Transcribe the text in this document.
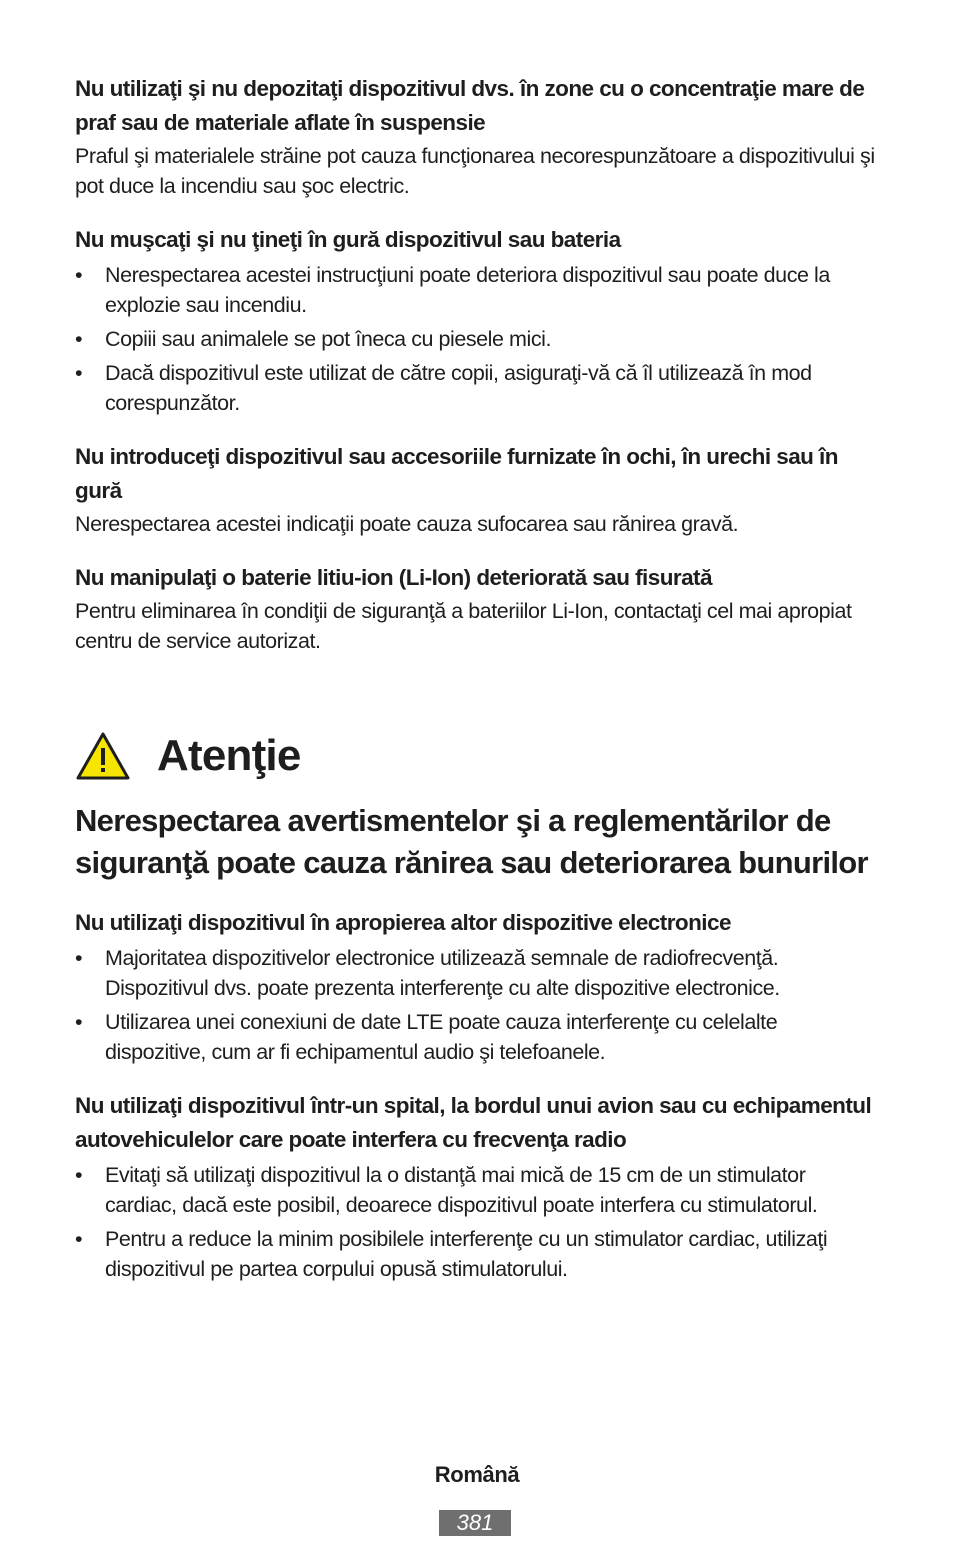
Nu utilizaţi şi nu depozitaţi dispozitivul dvs. în zone cu o concentraţie mare de praf sau de materiale aflate în suspensie

Praful şi materialele străine pot cauza funcţionarea necorespunzătoare a dispozitivului şi pot duce la incendiu sau şoc electric.

Nu muşcaţi şi nu ţineţi în gură dispozitivul sau bateria

• Nerespectarea acestei instrucţiuni poate deteriora dispozitivul sau poate duce la explozie sau incendiu.
• Copiii sau animalele se pot îneca cu piesele mici.
• Dacă dispozitivul este utilizat de către copii, asiguraţi-vă că îl utilizează în mod corespunzător.

Nu introduceţi dispozitivul sau accesoriile furnizate în ochi, în urechi sau în gură

Nerespectarea acestei indicaţii poate cauza sufocarea sau rănirea gravă.

Nu manipulaţi o baterie litiu-ion (Li-Ion) deteriorată sau fisurată

Pentru eliminarea în condiţii de siguranţă a bateriilor Li-Ion, contactaţi cel mai apropiat centru de service autorizat.

Atenţie

Nerespectarea avertismentelor şi a reglementărilor de siguranţă poate cauza rănirea sau deteriorarea bunurilor

Nu utilizaţi dispozitivul în apropierea altor dispozitive electronice

• Majoritatea dispozitivelor electronice utilizează semnale de radiofrecvenţă. Dispozitivul dvs. poate prezenta interferenţe cu alte dispozitive electronice.
• Utilizarea unei conexiuni de date LTE poate cauza interferenţe cu celelalte dispozitive, cum ar fi echipamentul audio şi telefoanele.

Nu utilizaţi dispozitivul într-un spital, la bordul unui avion sau cu echipamentul autovehiculelor care poate interfera cu frecvenţa radio

• Evitaţi să utilizaţi dispozitivul la o distanţă mai mică de 15 cm de un stimulator cardiac, dacă este posibil, deoarece dispozitivul poate interfera cu stimulatorul.
• Pentru a reduce la minim posibilele interferenţe cu un stimulator cardiac, utilizaţi dispozitivul pe partea corpului opusă stimulatorului.
Română
381
